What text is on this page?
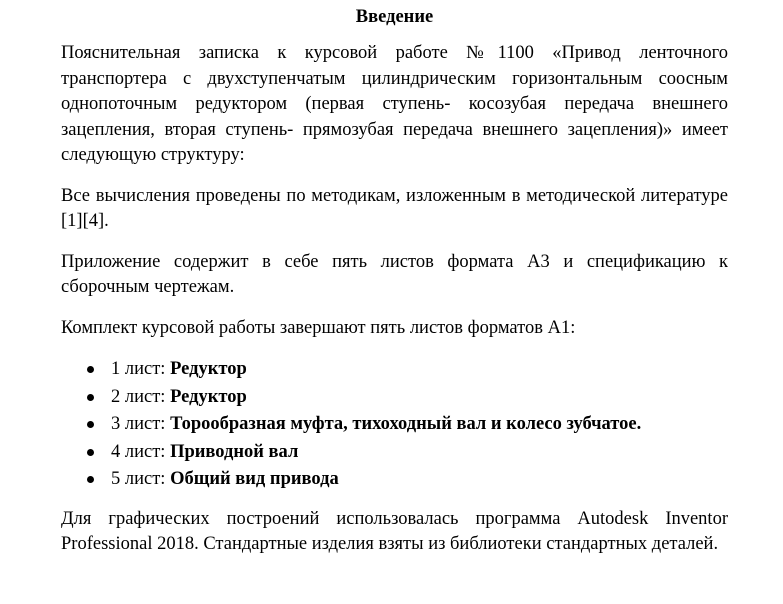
Введение

Пояснительная записка к курсовой работе №1100 «Привод ленточного транспортера с двухступенчатым цилиндрическим горизонтальным соосным однопоточным редуктором (первая ступень- косозубая передача внешнего зацепления, вторая ступень- прямозубая передача внешнего зацепления)» имеет следующую структуру:

Все вычисления проведены по методикам, изложенным в методической литературе [1][4].

Приложение содержит в себе пять листов формата А3 и спецификацию к сборочным чертежам.

Комплект курсовой работы завершают пять листов форматов А1:

1 лист: Редуктор
2 лист: Редуктор
3 лист: Торообразная муфта, тихоходный вал и колесо зубчатое.
4 лист: Приводной вал
5 лист: Общий вид привода

Для графических построений использовалась программа Autodesk Inventor Professional 2018. Стандартные изделия взяты из библиотеки стандартных деталей.
